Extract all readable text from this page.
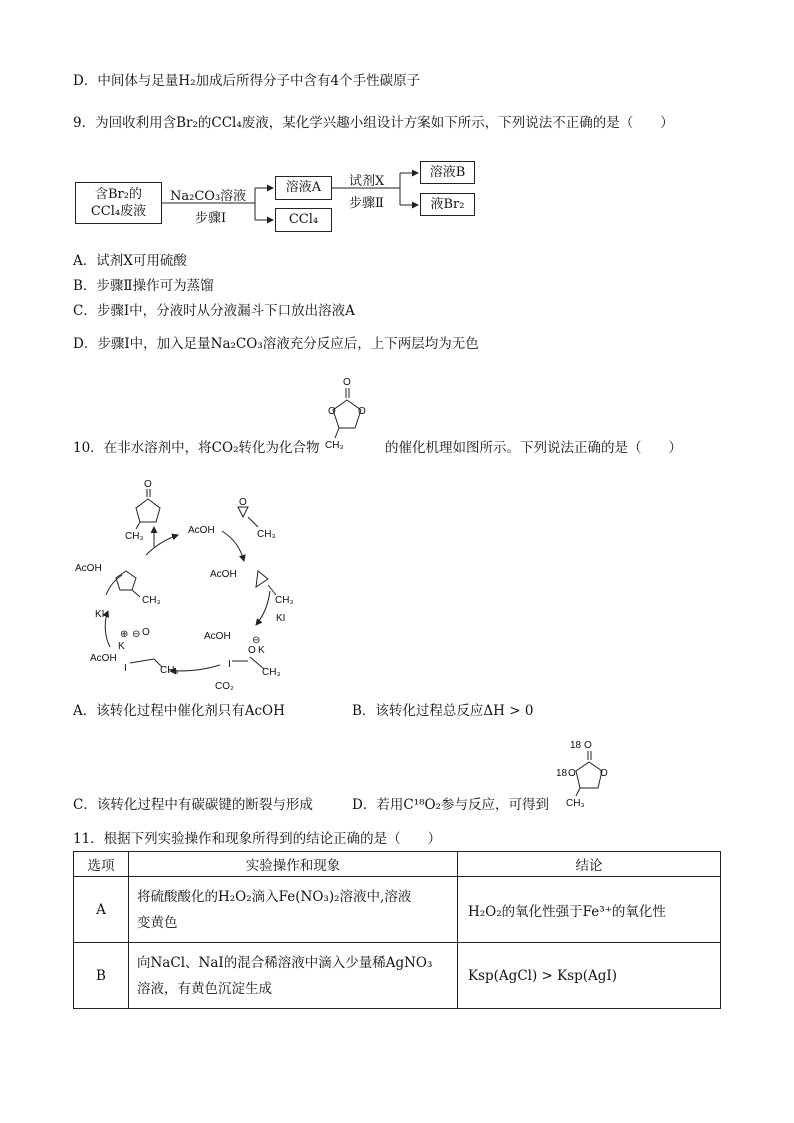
D．中间体与足量H₂加成后所得分子中含有4个手性碳原子
9．为回收利用含Br₂的CCl₄废液，某化学兴趣小组设计方案如下所示，下列说法不正确的是（　　）
含Br₂的
CCl₄废液
Na₂CO₃溶液
步骤Ⅰ
溶液A
CCl₄
试剂X
步骤Ⅱ
溶液B
液Br₂
A．试剂X可用硫酸
B．步骤Ⅱ操作可为蒸馏
C．步骤Ⅰ中，分液时从分液漏斗下口放出溶液A
D．步骤Ⅰ中，加入足量Na₂CO₃溶液充分反应后，上下两层均为无色
10．在非水溶剂中，将CO₂转化为化合物
O
O O
CH₃	的催化机理如图所示。下列说法正确的是（　　）
O
CH₃
AcOH
O
CH₃
AcOH
CH₃
KI
AcOH ⊖
O K
I
CH₃
CO₂
⊕ ⊖ O
K
AcOH
I	CH₃
KI
AcOH
CH₃
A．该转化过程中催化剂只有AcOH	B．该转化过程总反应ΔH > 0
C．该转化过程中有碳碳键的断裂与形成	D．若用C¹⁸O₂参与反应，可得到
18 O
18 O O
CH₃
11．根据下列实验操作和现象所得到的结论正确的是（　　）
选项	实验操作和现象	结论
A	将硫酸酸化的H₂O₂滴入Fe(NO₃)₂溶液中,溶液
变黄色	H₂O₂的氧化性强于Fe³⁺的氧化性
B	向NaCl、NaI的混合稀溶液中滴入少量稀AgNO₃
溶液，有黄色沉淀生成	Ksp(AgCl) > Ksp(AgI)
